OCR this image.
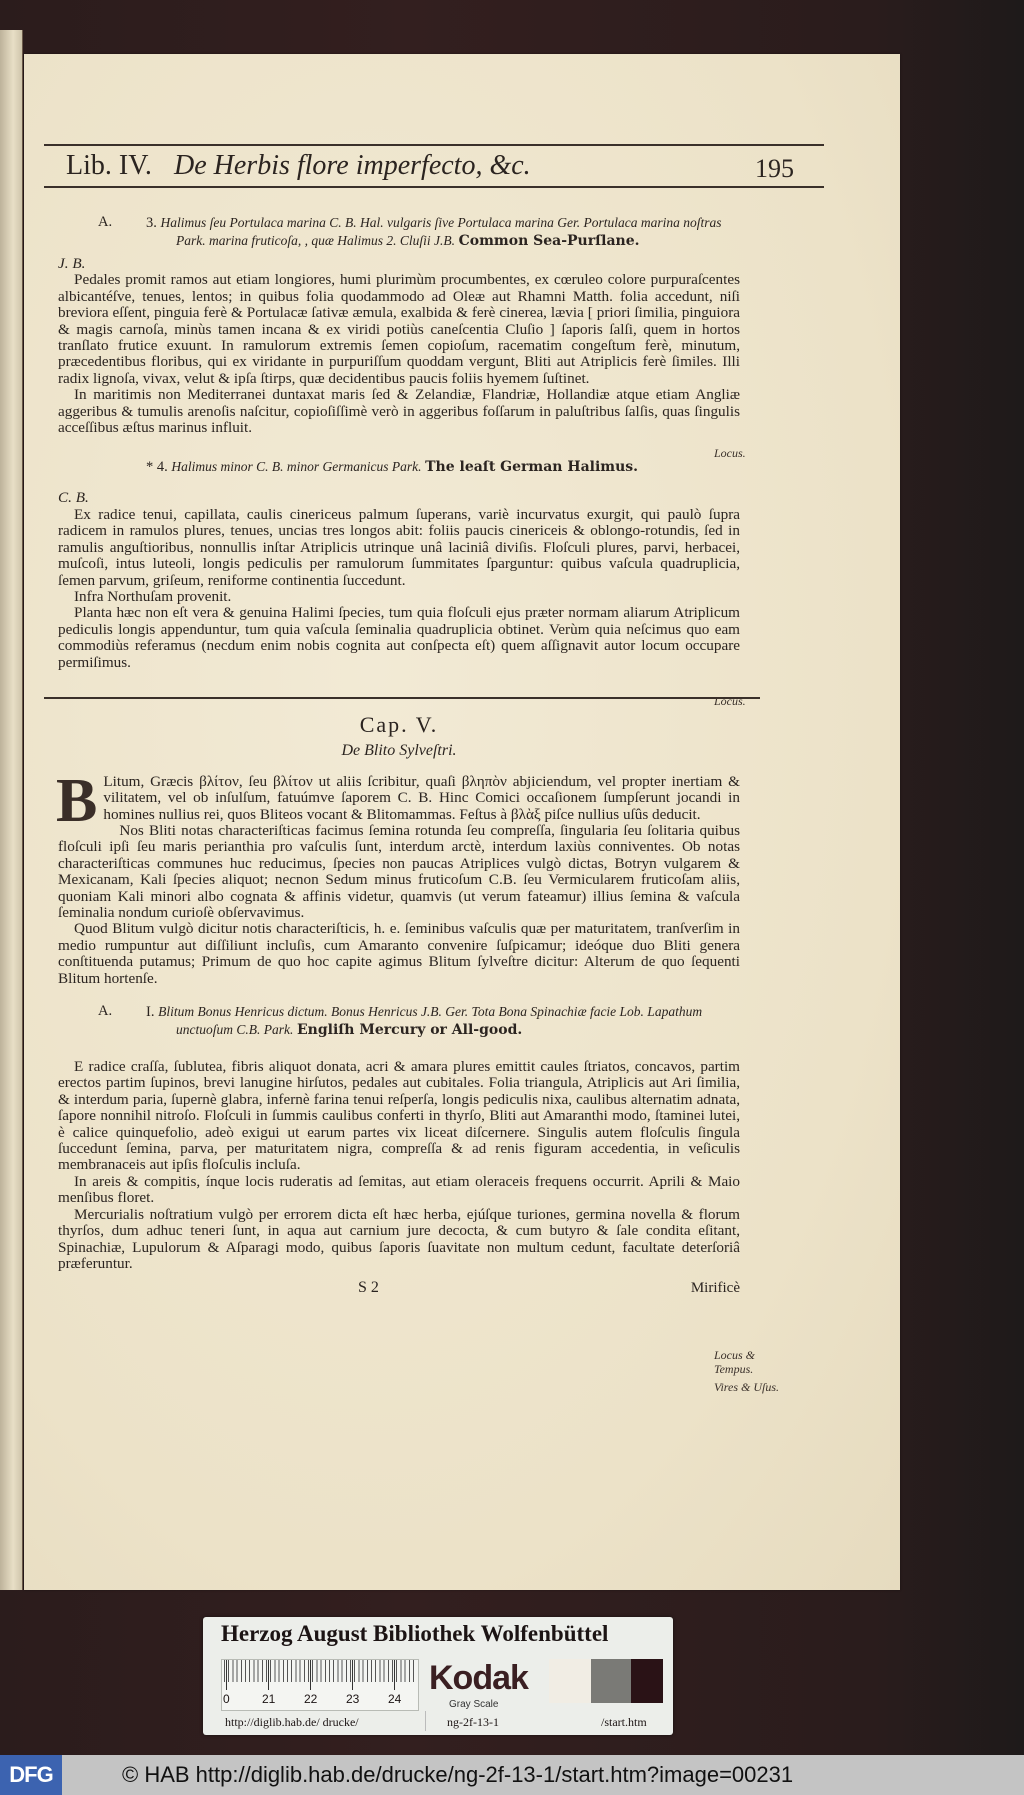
Lib. IV. De Herbis flore imperfecto, &c.	195
A. 3. Halimus ſeu Portulaca marina C. B. Hal. vulgaris ſive Portulaca marina Ger. Portulaca marina noſtras Park. marina fruticoſa, , quæ Halimus 2. Cluſii J.B. Common Sea-Purſlane.

J. B.

Pedales promit ramos aut etiam longiores, humi plurimùm procumbentes, ex cœruleo colore purpuraſcentes albicantéſve, tenues, lentos; in quibus folia quodammodo ad Oleæ aut Rhamni Matth. folia accedunt, niſi breviora eſſent, pinguia ferè & Portulacæ ſativæ æmula, exalbida & ferè cinerea, lævia [ priori ſimilia, pinguiora & magis carnoſa, minùs tamen incana & ex viridi potiùs caneſcentia Cluſio ] ſaporis ſalſi, quem in hortos tranſlato frutice exuunt. In ramulorum extremis ſemen copioſum, racematim congeſtum ferè, minutum, præcedentibus floribus, qui ex viridante in purpuriſſum quoddam vergunt, Bliti aut Atriplicis ferè ſimiles. Illi radix lignoſa, vivax, velut & ipſa ſtirps, quæ decidentibus paucis foliis hyemem ſuſtinet.

In maritimis non Mediterranei duntaxat maris ſed & Zelandiæ, Flandriæ, Hollandiæ atque etiam Angliæ aggeribus & tumulis arenoſis naſcitur, copioſiſſimè verò in aggeribus foſſarum in paluſtribus ſalſis, quas ſingulis acceſſibus æſtus marinus influit.

* 4. Halimus minor C. B. minor Germanicus Park. The leaſt German Halimus.

C. B.

Ex radice tenui, capillata, caulis cinericeus palmum ſuperans, variè incurvatus exurgit, qui paulò ſupra radicem in ramulos plures, tenues, uncias tres longos abit: foliis paucis cinericeis & oblongo-rotundis, ſed in ramulis anguſtioribus, nonnullis inſtar Atriplicis utrinque unâ laciniâ diviſis. Floſculi plures, parvi, herbacei, muſcoſi, intus luteoli, longis pediculis per ramulorum ſummitates ſparguntur: quibus vaſcula quadruplicia, ſemen parvum, griſeum, reniforme continentia ſuccedunt.

Infra Northuſam provenit.

Planta hæc non eſt vera & genuina Halimi ſpecies, tum quia floſculi ejus præter normam aliarum Atriplicum pediculis longis appenduntur, tum quia vaſcula ſeminalia quadruplicia obtinet. Verùm quia neſcimus quo eam commodiùs referamus (necdum enim nobis cognita aut conſpecta eſt) quem aſſignavit autor locum occupare permiſimus.

Cap. V.
De Blito Sylveſtri.

B Litum, Græcis βλίτον, ſeu βλίτον ut aliis ſcribitur, quaſi βληπὸν abjiciendum, vel propter inertiam & vilitatem, vel ob inſulſum, fatuúmve ſaporem C. B. Hinc Comici occaſionem ſumpſerunt jocandi in homines nullius rei, quos Bliteos vocant & Blitomammas. Feſtus à βλὰξ piſce nullius uſûs deducit.

Nos Bliti notas characteriſticas facimus ſemina rotunda ſeu compreſſa, ſingularia ſeu ſolitaria quibus floſculi ipſi ſeu maris perianthia pro vaſculis ſunt, interdum arctè, interdum laxiùs conniventes. Ob notas characteriſticas communes huc reducimus, ſpecies non paucas Atriplices vulgò dictas, Botryn vulgarem & Mexicanam, Kali ſpecies aliquot; necnon Sedum minus fruticoſum C.B. ſeu Vermicularem fruticoſam aliis, quoniam Kali minori albo cognata & affinis videtur, quamvis (ut verum fateamur) illius ſemina & vaſcula ſeminalia nondum curioſè obſervavimus.

Quod Blitum vulgò dicitur notis characteriſticis, h. e. ſeminibus vaſculis quæ per maturitatem, tranſverſim in medio rumpuntur aut diſſiliunt incluſis, cum Amaranto convenire ſuſpicamur; ideóque duo Bliti genera conſtituenda putamus; Primum de quo hoc capite agimus Blitum ſylveſtre dicitur: Alterum de quo ſequenti Blitum hortenſe.

A. I. Blitum Bonus Henricus dictum. Bonus Henricus J.B. Ger. Tota Bona Spinachiæ facie Lob. Lapathum unctuoſum C.B. Park. Engliſh Mercury or All-good.

E radice craſſa, ſublutea, fibris aliquot donata, acri & amara plures emittit caules ſtriatos, concavos, partim erectos partim ſupinos, brevi lanugine hirſutos, pedales aut cubitales. Folia triangula, Atriplicis aut Ari ſimilia, & interdum paria, ſupernè glabra, infernè farina tenui reſperſa, longis pediculis nixa, caulibus alternatim adnata, ſapore nonnihil nitroſo. Floſculi in ſummis caulibus conferti in thyrſo, Bliti aut Amaranthi modo, ſtaminei lutei, è calice quinquefolio, adeò exigui ut earum partes vix liceat diſcernere. Singulis autem floſculis ſingula ſuccedunt ſemina, parva, per maturitatem nigra, compreſſa & ad renis figuram accedentia, in veſiculis membranaceis aut ipſis floſculis incluſa.

In areis & compitis, ínque locis ruderatis ad ſemitas, aut etiam oleraceis frequens occurrit. Aprili & Maio menſibus floret.

Mercurialis noſtratium vulgò per errorem dicta eſt hæc herba, ejúſque turiones, germina novella & florum thyrſos, dum adhuc teneri ſunt, in aqua aut carnium jure decocta, & cum butyro & ſale condita eſitant, Spinachiæ, Lupulorum & Aſparagi modo, quibus ſaporis ſuavitate non multum cedunt, facultate deterſoriâ præferuntur.

S 2	Mirificè
Locus.
Locus.
Locus & Tempus.
Vires & Uſus.
Herzog August Bibliothek Wolfenbüttel
0	21 22 23 24
Kodak
Gray Scale
http://diglib.hab.de/ drucke/	ng-2f-13-1	/start.htm
DFG	© HAB http://diglib.hab.de/drucke/ng-2f-13-1/start.htm?image=00231
